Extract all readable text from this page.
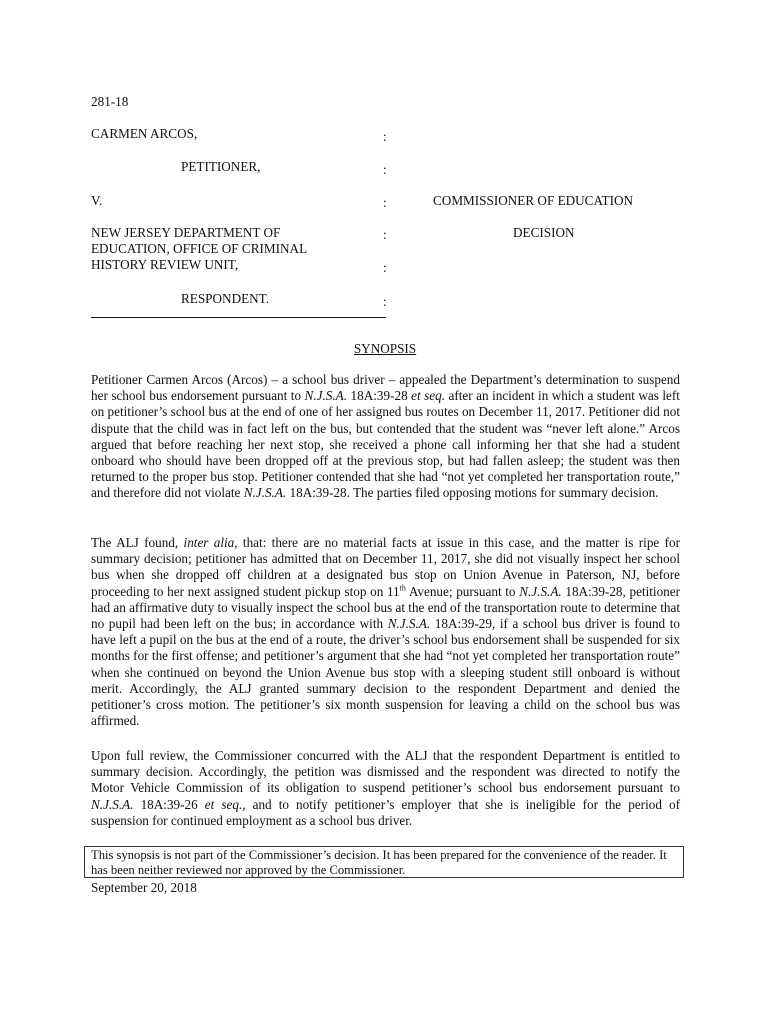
281-18
CARMEN ARCOS,	:
PETITIONER,	:
V.	:	COMMISSIONER OF EDUCATION
NEW JERSEY DEPARTMENT OF	:	DECISION
EDUCATION, OFFICE OF CRIMINAL
HISTORY REVIEW UNIT,	:
RESPONDENT.	:
SYNOPSIS
Petitioner Carmen Arcos (Arcos) – a school bus driver – appealed the Department’s determination to suspend her school bus endorsement pursuant to N.J.S.A. 18A:39-28 et seq. after an incident in which a student was left on petitioner’s school bus at the end of one of her assigned bus routes on December 11, 2017. Petitioner did not dispute that the child was in fact left on the bus, but contended that the student was “never left alone.” Arcos argued that before reaching her next stop, she received a phone call informing her that she had a student onboard who should have been dropped off at the previous stop, but had fallen asleep; the student was then returned to the proper bus stop. Petitioner contended that she had “not yet completed her transportation route,” and therefore did not violate N.J.S.A. 18A:39-28. The parties filed opposing motions for summary decision.
The ALJ found, inter alia, that: there are no material facts at issue in this case, and the matter is ripe for summary decision; petitioner has admitted that on December 11, 2017, she did not visually inspect her school bus when she dropped off children at a designated bus stop on Union Avenue in Paterson, NJ, before proceeding to her next assigned student pickup stop on 11th Avenue; pursuant to N.J.S.A. 18A:39-28, petitioner had an affirmative duty to visually inspect the school bus at the end of the transportation route to determine that no pupil had been left on the bus; in accordance with N.J.S.A. 18A:39-29, if a school bus driver is found to have left a pupil on the bus at the end of a route, the driver’s school bus endorsement shall be suspended for six months for the first offense; and petitioner’s argument that she had “not yet completed her transportation route” when she continued on beyond the Union Avenue bus stop with a sleeping student still onboard is without merit. Accordingly, the ALJ granted summary decision to the respondent Department and denied the petitioner’s cross motion. The petitioner’s six month suspension for leaving a child on the school bus was affirmed.
Upon full review, the Commissioner concurred with the ALJ that the respondent Department is entitled to summary decision. Accordingly, the petition was dismissed and the respondent was directed to notify the Motor Vehicle Commission of its obligation to suspend petitioner’s school bus endorsement pursuant to N.J.S.A. 18A:39-26 et seq., and to notify petitioner’s employer that she is ineligible for the period of suspension for continued employment as a school bus driver.
This synopsis is not part of the Commissioner’s decision. It has been prepared for the convenience of the reader. It has been neither reviewed nor approved by the Commissioner.
September 20, 2018
